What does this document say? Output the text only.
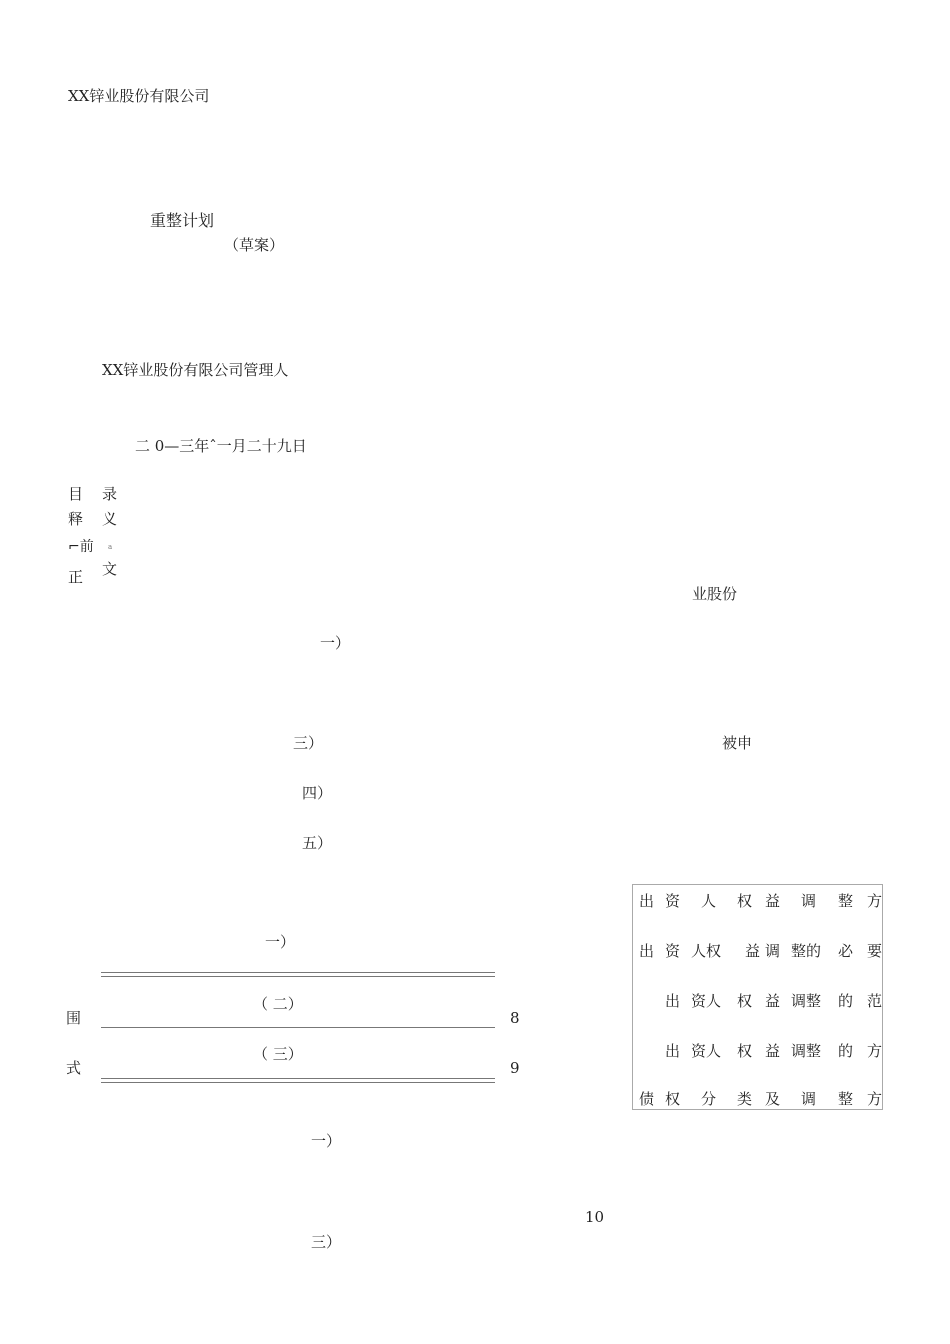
XX锌业股份有限公司
重整计划
（草案）
XX锌业股份有限公司管理人
二 0—三年ˆ一月二十九日
目 录
释 义
⌐前 a
正 文
业股份
一）
三）	被申
四）
五）
一）
围
式
8
9
一）
10
三）
（ 二）
（ 三）
出 资 人 权 益 调 整 方
出 资 人权 益 调 整的 必 要
出 资人 权 益 调整 的 范
出 资人 权 益 调整 的 方
债 权 分 类 及 调 整 方
